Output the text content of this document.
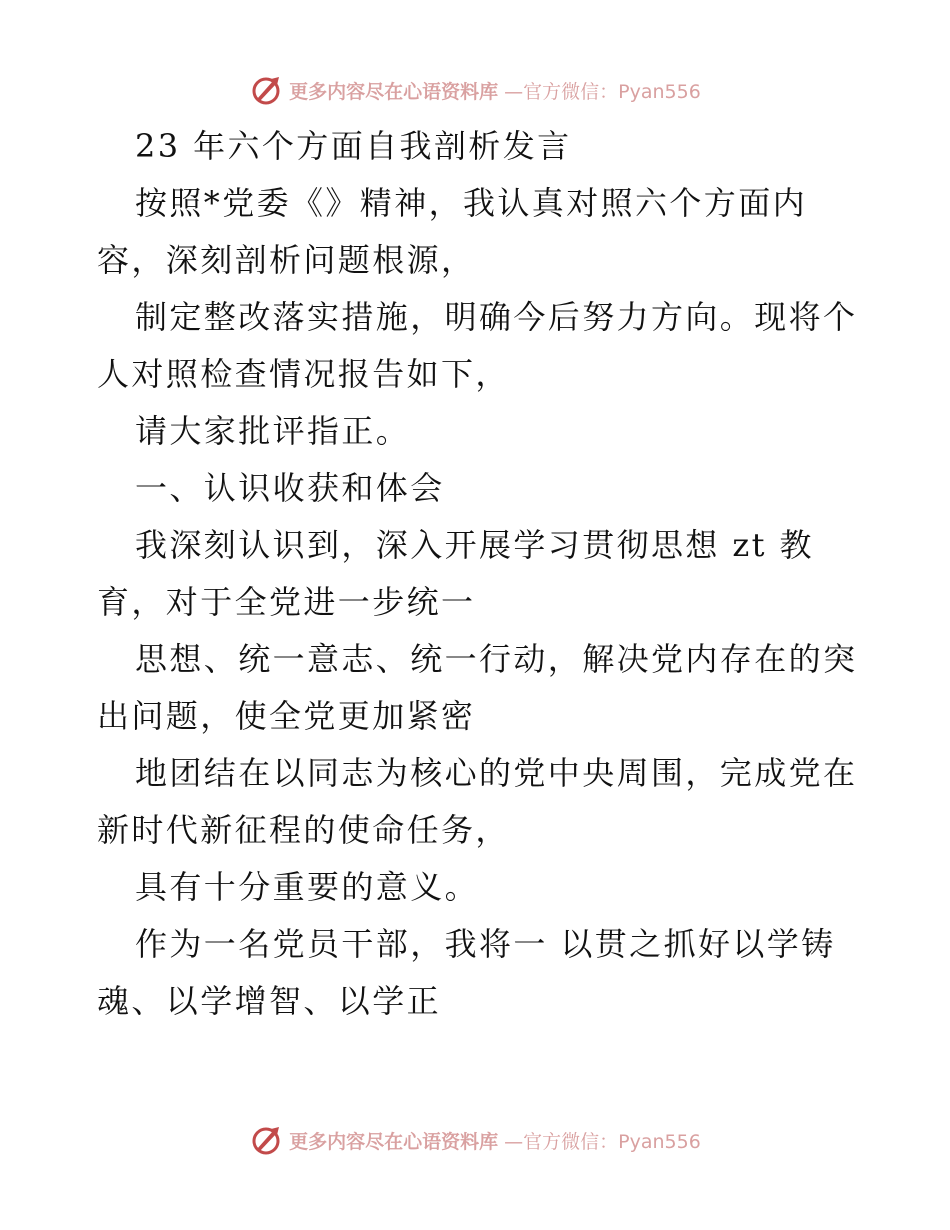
更多内容尽在心语资料库 —官方微信：Pyan556
23 年六个方面自我剖析发言
按照*党委《》精神，我认真对照六个方面内
容，深刻剖析问题根源，
制定整改落实措施，明确今后努力方向。现将个
人对照检查情况报告如下，
请大家批评指正。
一、认识收获和体会
我深刻认识到，深入开展学习贯彻思想 zt 教
育，对于全党进一步统一
思想、统一意志、统一行动，解决党内存在的突
出问题，使全党更加紧密
地团结在以同志为核心的党中央周围，完成党在
新时代新征程的使命任务，
具有十分重要的意义。
作为一名党员干部，我将一 以贯之抓好以学铸
魂、以学增智、以学正
更多内容尽在心语资料库 —官方微信：Pyan556
